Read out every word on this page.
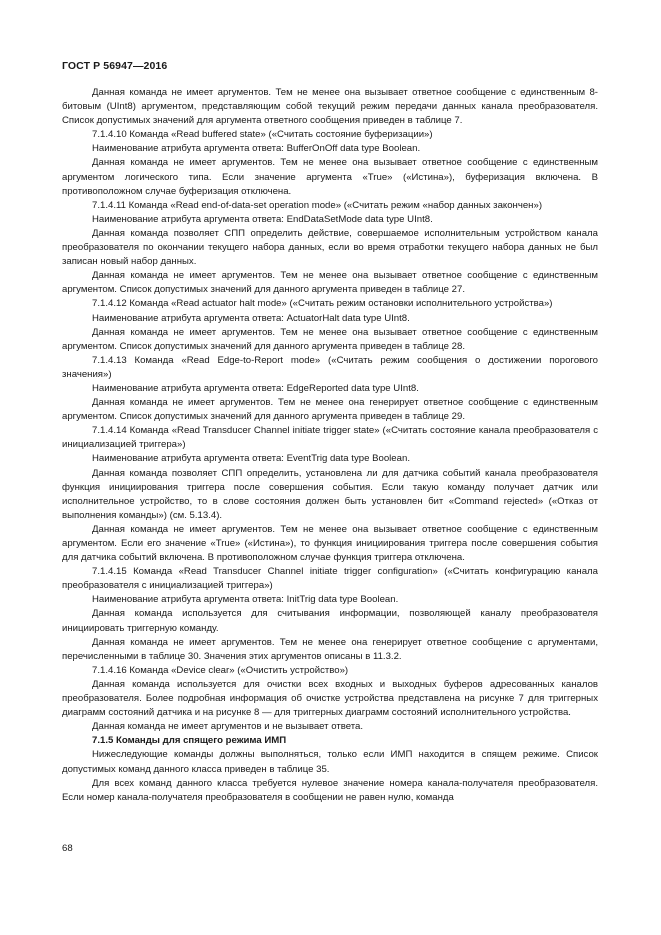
ГОСТ Р 56947—2016

Данная команда не имеет аргументов. Тем не менее она вызывает ответное сообщение с единственным 8-битовым (UInt8) аргументом, представляющим собой текущий режим передачи данных канала преобразователя. Список допустимых значений для аргумента ответного сообщения приведен в таблице 7.

7.1.4.10 Команда «Read buffered state» («Считать состояние буферизации»)

Наименование атрибута аргумента ответа: BufferOnOff data type Boolean.

Данная команда не имеет аргументов. Тем не менее она вызывает ответное сообщение с единственным аргументом логического типа. Если значение аргумента «True» («Истина»), буферизация включена. В противоположном случае буферизация отключена.

7.1.4.11 Команда «Read end-of-data-set operation mode» («Считать режим «набор данных закончен»)

Наименование атрибута аргумента ответа: EndDataSetMode data type UInt8.

Данная команда позволяет СПП определить действие, совершаемое исполнительным устройством канала преобразователя по окончании текущего набора данных, если во время отработки текущего набора данных не был записан новый набор данных.

Данная команда не имеет аргументов. Тем не менее она вызывает ответное сообщение с единственным аргументом. Список допустимых значений для данного аргумента приведен в таблице 27.

7.1.4.12 Команда «Read actuator halt mode» («Считать режим остановки исполнительного устройства»)

Наименование атрибута аргумента ответа: ActuatorHalt data type UInt8.

Данная команда не имеет аргументов. Тем не менее она вызывает ответное сообщение с единственным аргументом. Список допустимых значений для данного аргумента приведен в таблице 28.

7.1.4.13 Команда «Read Edge-to-Report mode» («Считать режим сообщения о достижении порогового значения»)

Наименование атрибута аргумента ответа: EdgeReported data type UInt8.

Данная команда не имеет аргументов. Тем не менее она генерирует ответное сообщение с единственным аргументом. Список допустимых значений для данного аргумента приведен в таблице 29.

7.1.4.14 Команда «Read Transducer Channel initiate trigger state» («Считать состояние канала преобразователя с инициализацией триггера»)

Наименование атрибута аргумента ответа: EventTrig data type Boolean.

Данная команда позволяет СПП определить, установлена ли для датчика событий канала преобразователя функция инициирования триггера после совершения события. Если такую команду получает датчик или исполнительное устройство, то в слове состояния должен быть установлен бит «Command rejected» («Отказ от выполнения команды») (см. 5.13.4).

Данная команда не имеет аргументов. Тем не менее она вызывает ответное сообщение с единственным аргументом. Если его значение «True» («Истина»), то функция инициирования триггера после совершения события для датчика событий включена. В противоположном случае функция триггера отключена.

7.1.4.15 Команда «Read Transducer Channel initiate trigger configuration» («Считать конфигурацию канала преобразователя с инициализацией триггера»)

Наименование атрибута аргумента ответа: InitTrig data type Boolean.

Данная команда используется для считывания информации, позволяющей каналу преобразователя инициировать триггерную команду.

Данная команда не имеет аргументов. Тем не менее она генерирует ответное сообщение с аргументами, перечисленными в таблице 30. Значения этих аргументов описаны в 11.3.2.

7.1.4.16 Команда «Device clear» («Очистить устройство»)

Данная команда используется для очистки всех входных и выходных буферов адресованных каналов преобразователя. Более подробная информация об очистке устройства представлена на рисунке 7 для триггерных диаграмм состояний датчика и на рисунке 8 — для триггерных диаграмм состояний исполнительного устройства.

Данная команда не имеет аргументов и не вызывает ответа.

7.1.5 Команды для спящего режима ИМП

Нижеследующие команды должны выполняться, только если ИМП находится в спящем режиме. Список допустимых команд данного класса приведен в таблице 35.

Для всех команд данного класса требуется нулевое значение номера канала-получателя преобразователя. Если номер канала-получателя преобразователя в сообщении не равен нулю, команда

68
